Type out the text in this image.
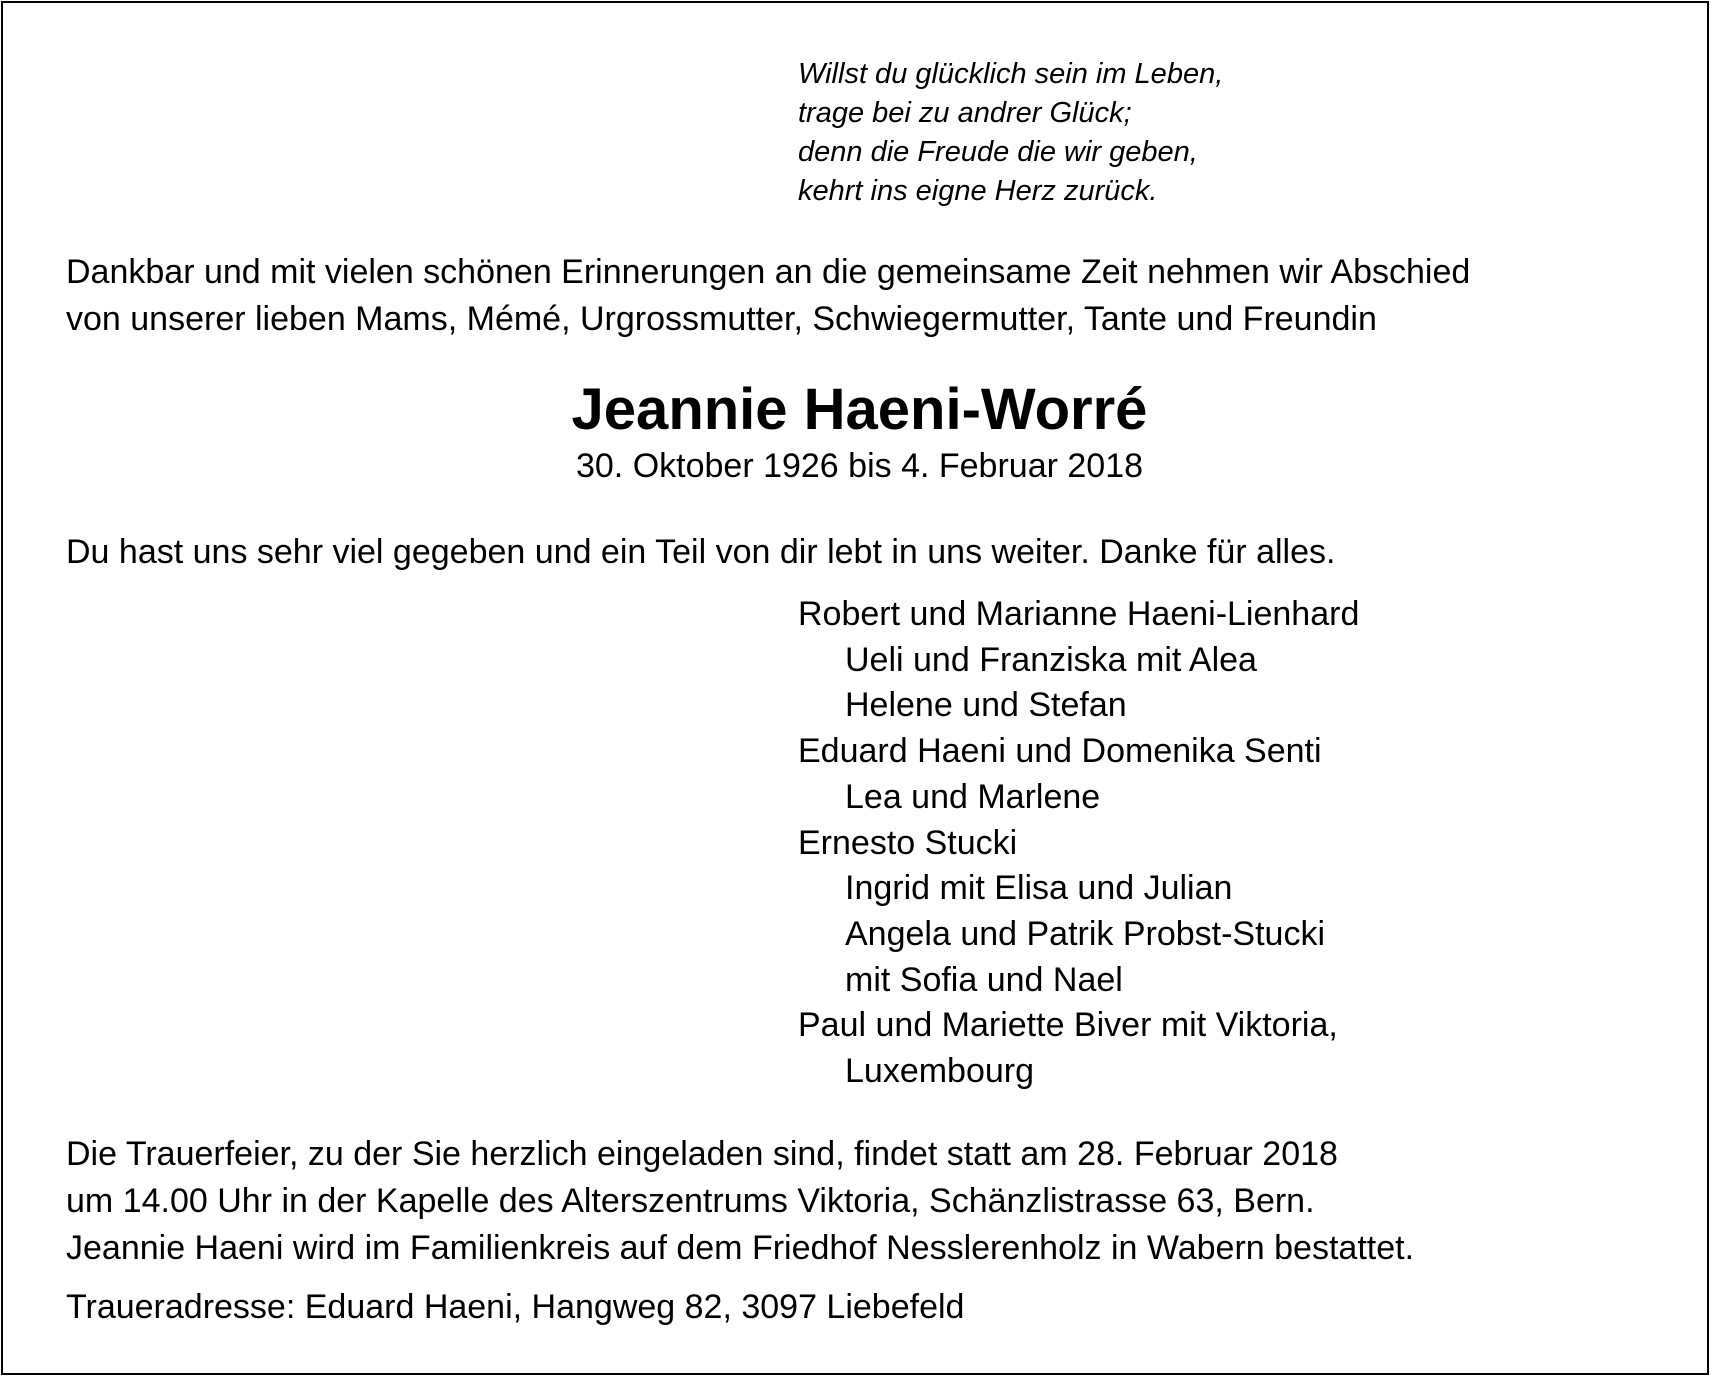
Willst du glücklich sein im Leben,
trage bei zu andrer Glück;
denn die Freude die wir geben,
kehrt ins eigne Herz zurück.
Dankbar und mit vielen schönen Erinnerungen an die gemeinsame Zeit nehmen wir Abschied
von unserer lieben Mams, Mémé, Urgrossmutter, Schwiegermutter, Tante und Freundin
Jeannie Haeni-Worré
30. Oktober 1926 bis 4. Februar 2018
Du hast uns sehr viel gegeben und ein Teil von dir lebt in uns weiter. Danke für alles.
Robert und Marianne Haeni-Lienhard
Ueli und Franziska mit Alea
Helene und Stefan
Eduard Haeni und Domenika Senti
Lea und Marlene
Ernesto Stucki
Ingrid mit Elisa und Julian
Angela und Patrik Probst-Stucki
mit Sofia und Nael
Paul und Mariette Biver mit Viktoria,
Luxembourg
Die Trauerfeier, zu der Sie herzlich eingeladen sind, findet statt am 28. Februar 2018
um 14.00 Uhr in der Kapelle des Alterszentrums Viktoria, Schänzlistrasse 63, Bern.
Jeannie Haeni wird im Familienkreis auf dem Friedhof Nesslerenholz in Wabern bestattet.
Traueradresse: Eduard Haeni, Hangweg 82, 3097 Liebefeld
